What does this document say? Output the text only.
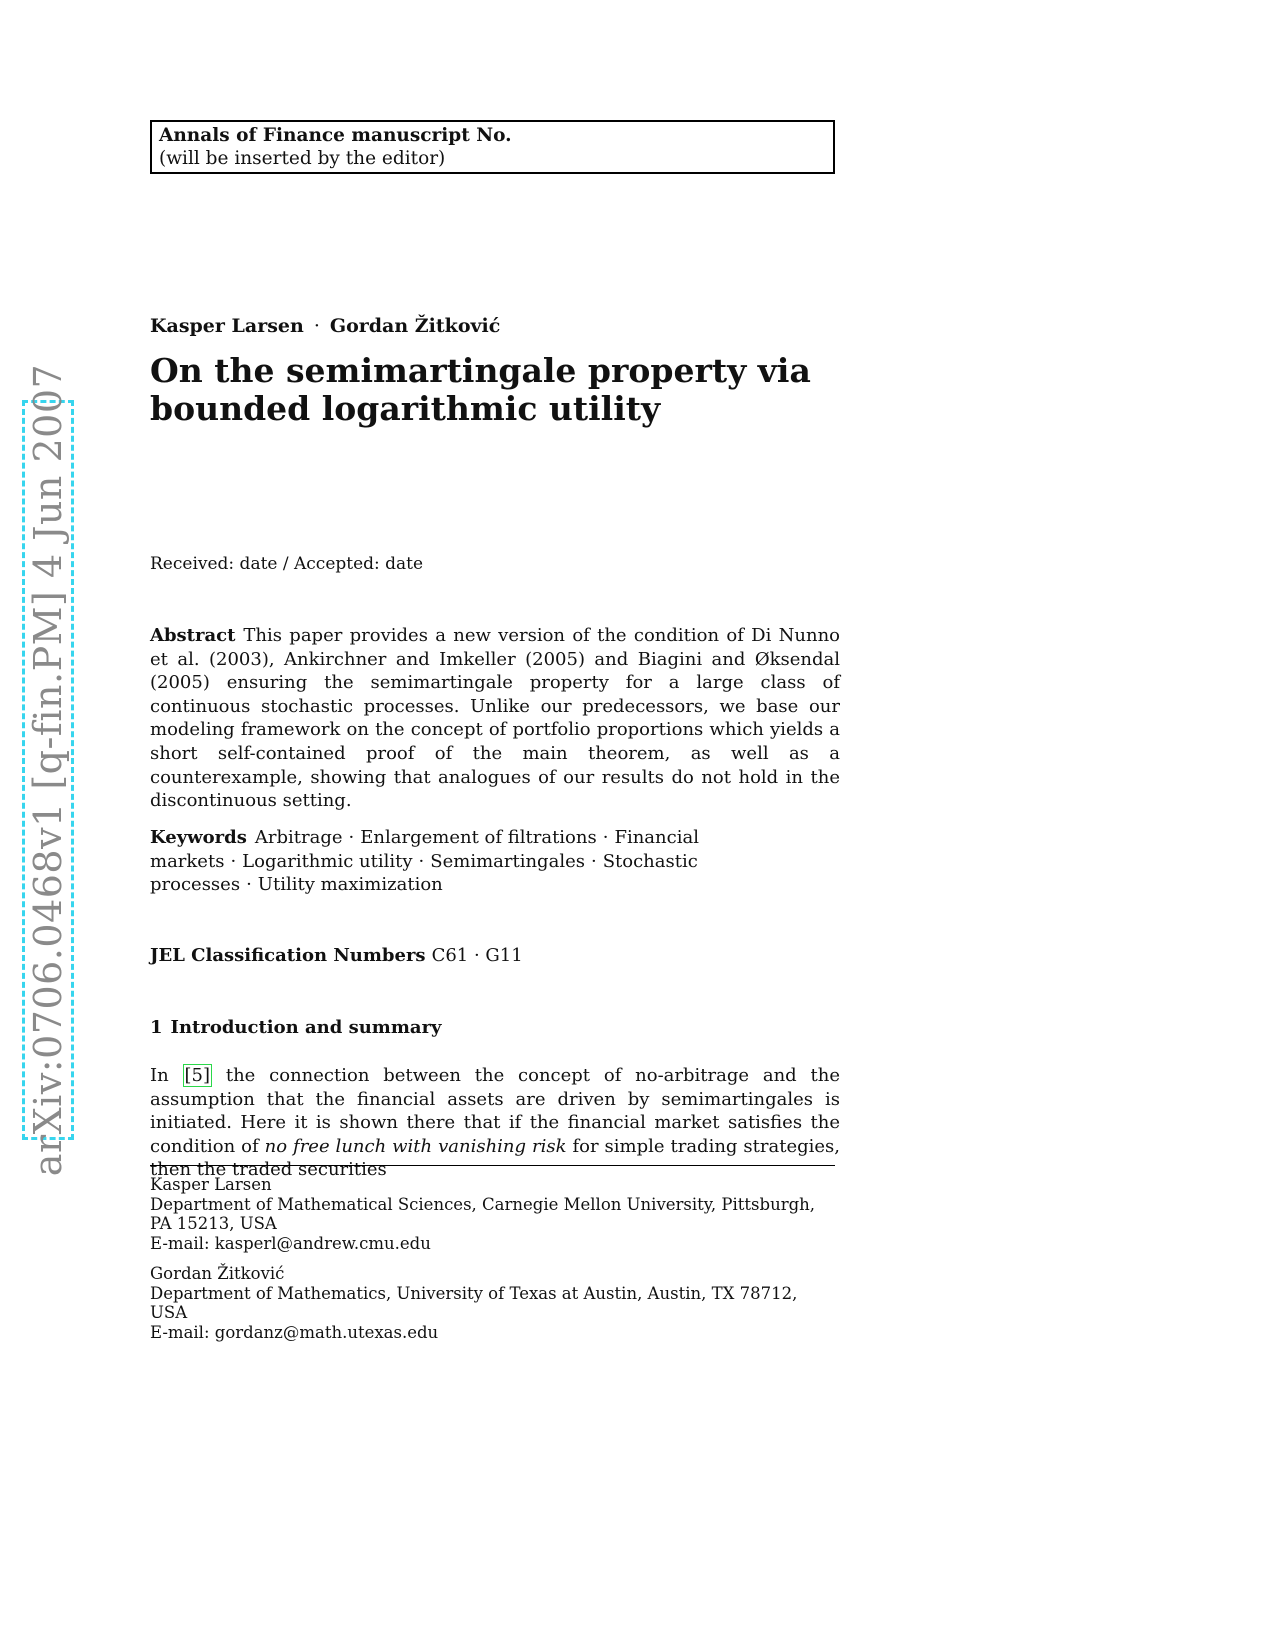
Annals of Finance manuscript No.
(will be inserted by the editor)
arXiv:0706.0468v1 [q-fin.PM] 4 Jun 2007
Kasper Larsen · Gordan Žitković
On the semimartingale property via bounded logarithmic utility
Received: date / Accepted: date
Abstract This paper provides a new version of the condition of Di Nunno et al. (2003), Ankirchner and Imkeller (2005) and Biagini and Øksendal (2005) ensuring the semimartingale property for a large class of continuous stochastic processes. Unlike our predecessors, we base our modeling framework on the concept of portfolio proportions which yields a short self-contained proof of the main theorem, as well as a counterexample, showing that analogues of our results do not hold in the discontinuous setting.
Keywords Arbitrage · Enlargement of filtrations · Financial markets · Logarithmic utility · Semimartingales · Stochastic processes · Utility maximization
JEL Classification Numbers C61 · G11
1 Introduction and summary
In [5] the connection between the concept of no-arbitrage and the assumption that the financial assets are driven by semimartingales is initiated. Here it is shown there that if the financial market satisfies the condition of no free lunch with vanishing risk for simple trading strategies, then the traded securities
Kasper Larsen
Department of Mathematical Sciences, Carnegie Mellon University, Pittsburgh, PA 15213, USA
E-mail: kasperl@andrew.cmu.edu
Gordan Žitković
Department of Mathematics, University of Texas at Austin, Austin, TX 78712, USA
E-mail: gordanz@math.utexas.edu
